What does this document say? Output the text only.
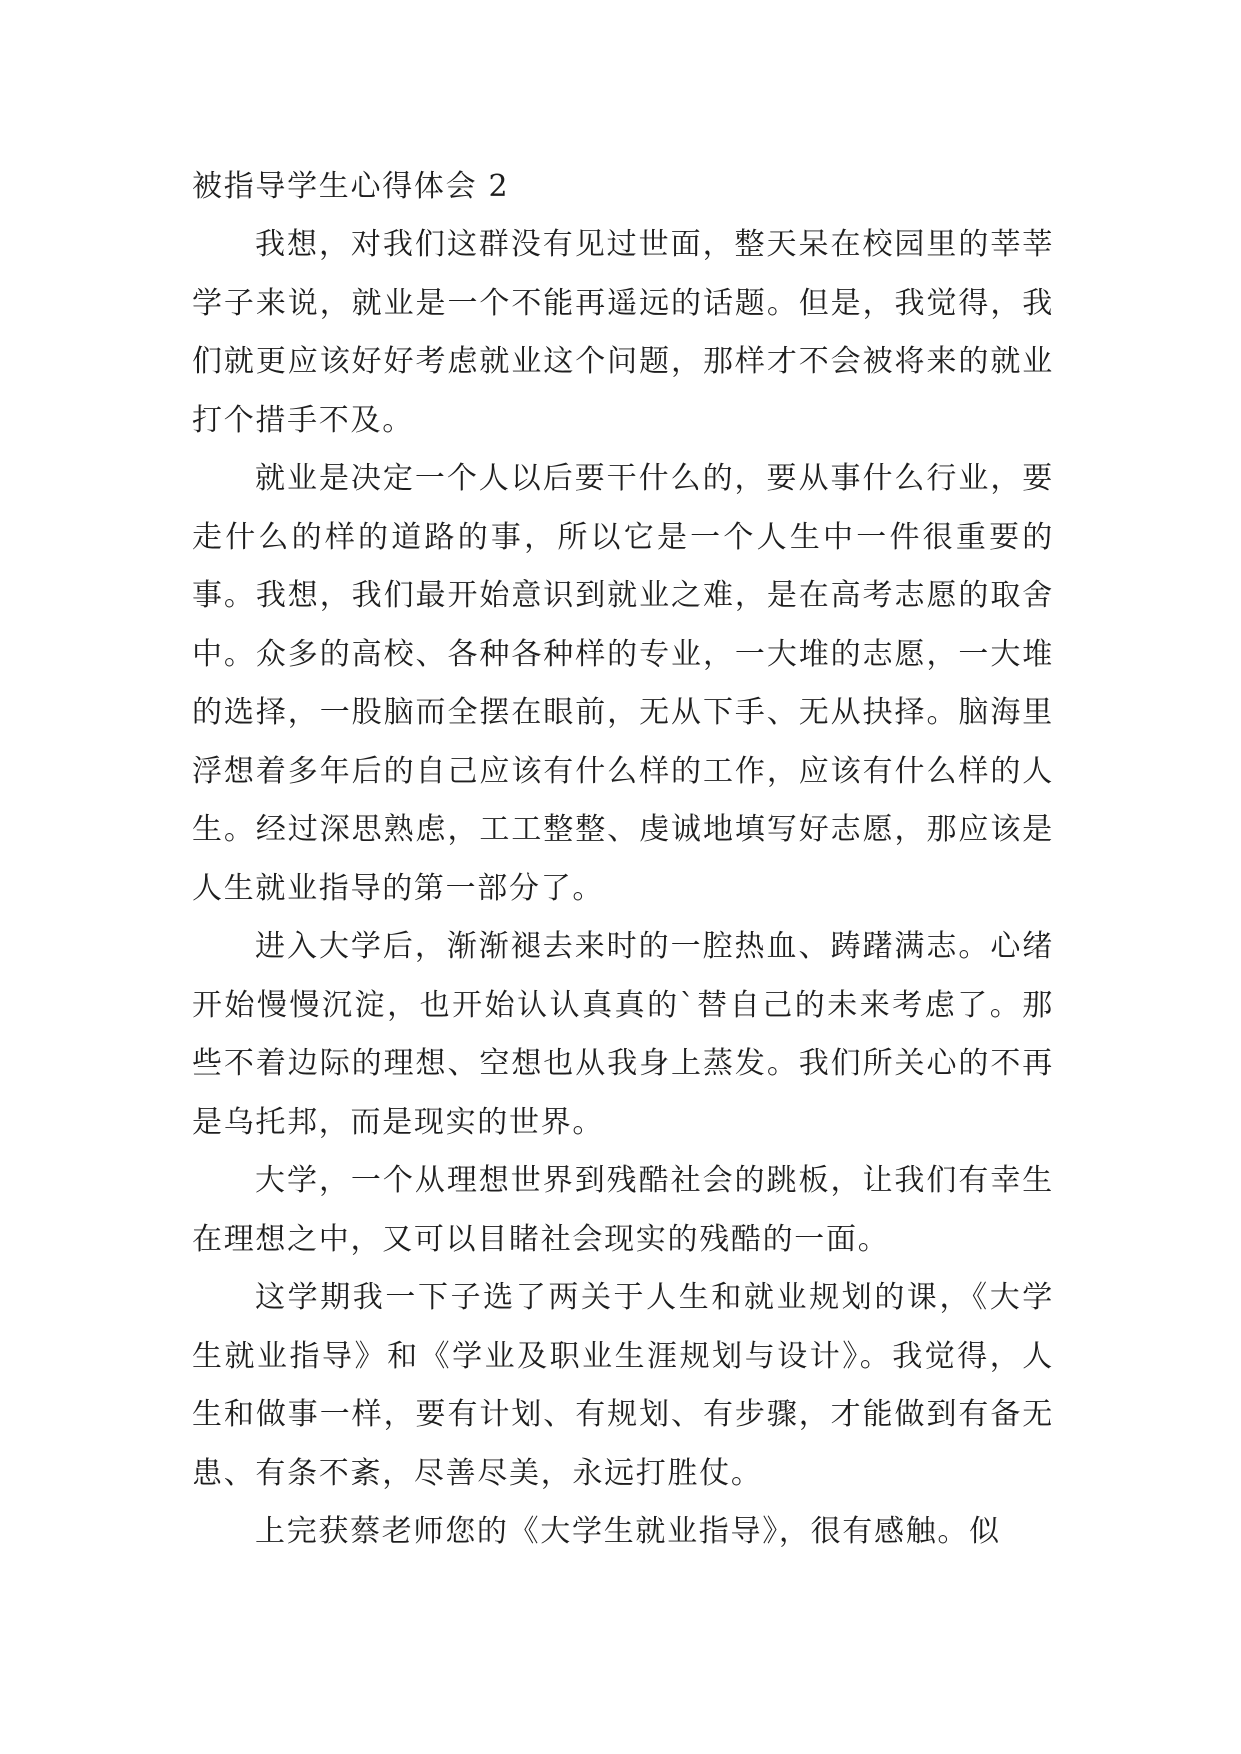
被指导学生心得体会 2

我想，对我们这群没有见过世面，整天呆在校园里的莘莘学子来说，就业是一个不能再遥远的话题。但是，我觉得，我们就更应该好好考虑就业这个问题，那样才不会被将来的就业打个措手不及。

就业是决定一个人以后要干什么的，要从事什么行业，要走什么的样的道路的事，所以它是一个人生中一件很重要的事。我想，我们最开始意识到就业之难，是在高考志愿的取舍中。众多的高校、各种各种样的专业，一大堆的志愿，一大堆的选择，一股脑而全摆在眼前，无从下手、无从抉择。脑海里浮想着多年后的自己应该有什么样的工作，应该有什么样的人生。经过深思熟虑，工工整整、虔诚地填写好志愿，那应该是人生就业指导的第一部分了。

进入大学后，渐渐褪去来时的一腔热血、踌躇满志。心绪开始慢慢沉淀，也开始认认真真的`替自己的未来考虑了。那些不着边际的理想、空想也从我身上蒸发。我们所关心的不再是乌托邦，而是现实的世界。

大学，一个从理想世界到残酷社会的跳板，让我们有幸生在理想之中，又可以目睹社会现实的残酷的一面。

这学期我一下子选了两关于人生和就业规划的课，《大学生就业指导》和《学业及职业生涯规划与设计》。我觉得，人生和做事一样，要有计划、有规划、有步骤，才能做到有备无患、有条不紊，尽善尽美，永远打胜仗。

上完获蔡老师您的《大学生就业指导》，很有感触。似
